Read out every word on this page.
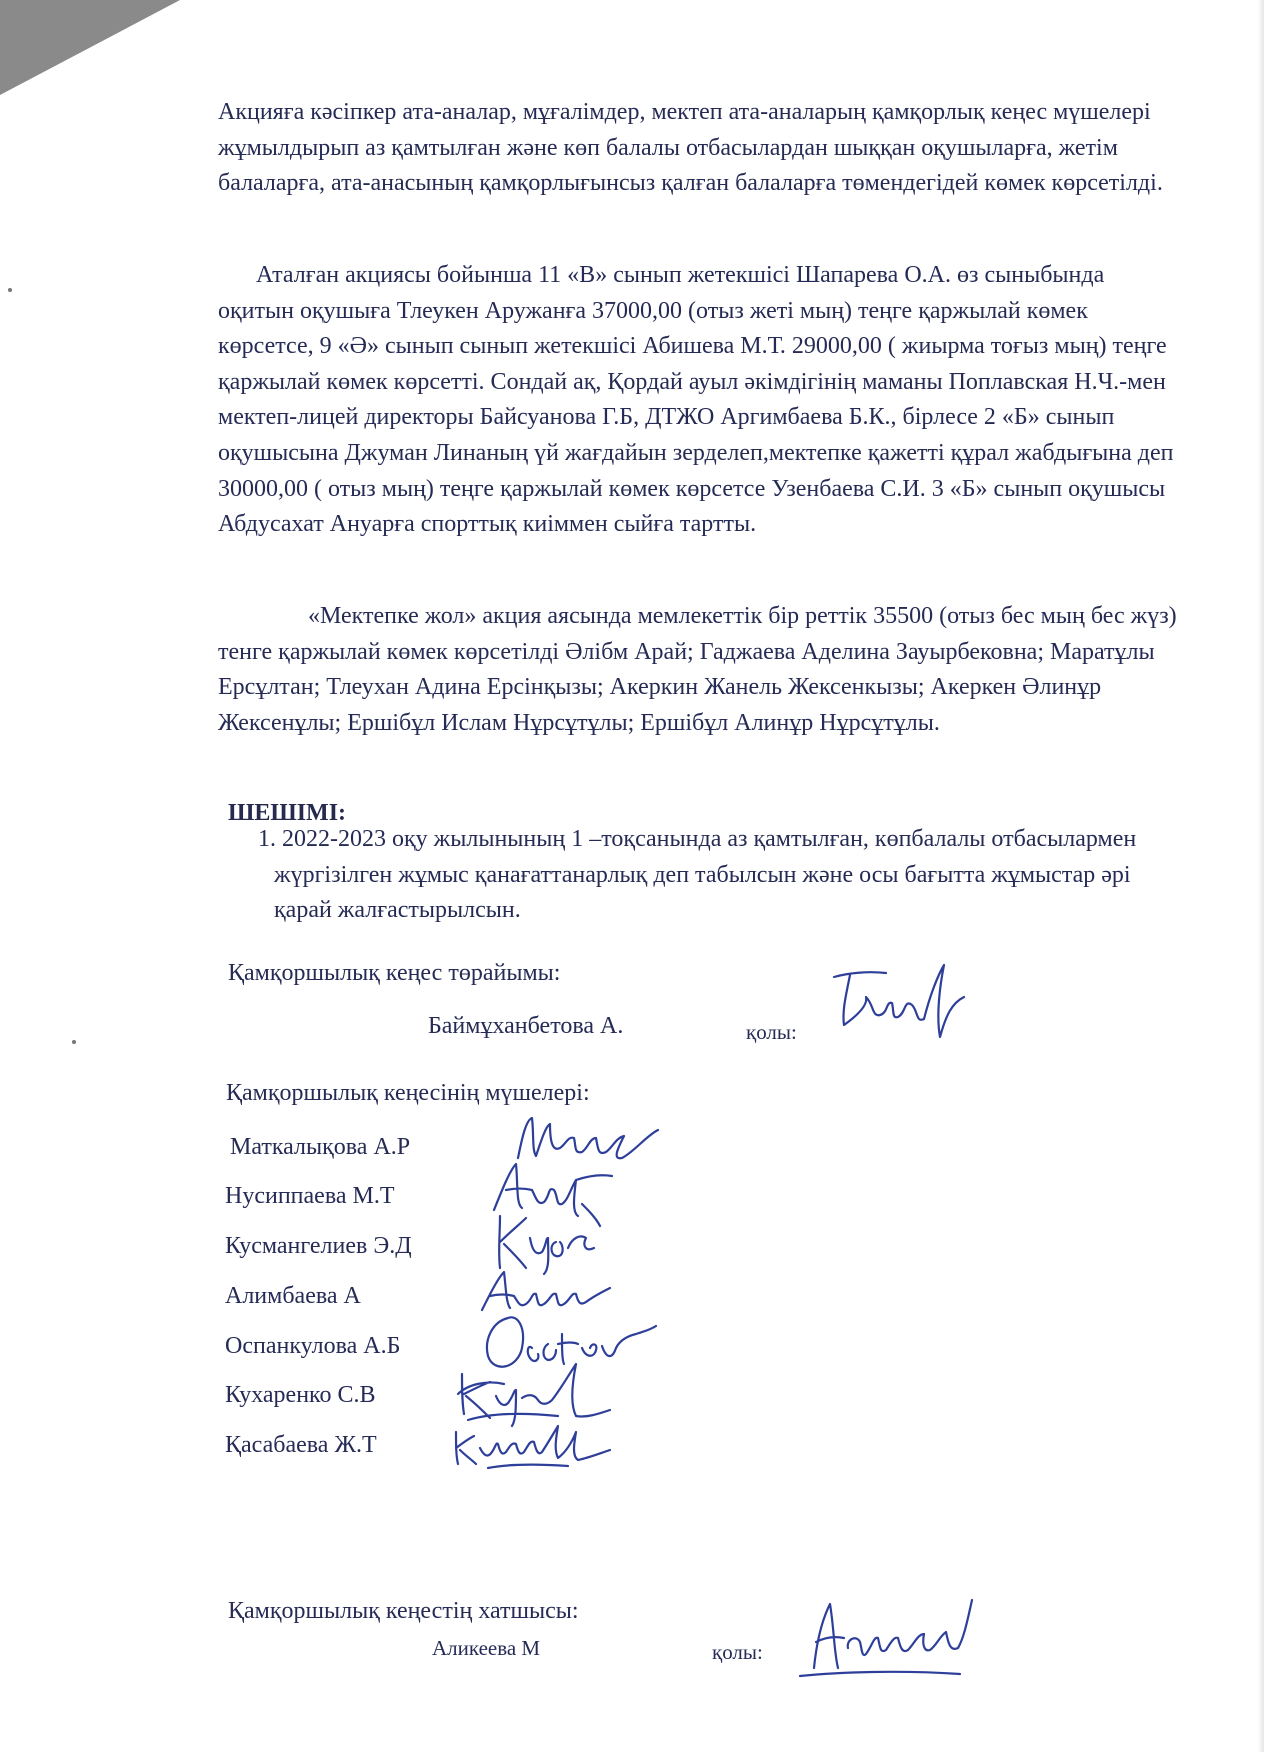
Акцияға кәсіпкер ата-аналар, мұғалімдер, мектеп ата-аналарың қамқорлық кеңес мүшелері жұмылдырып аз қамтылған және көп балалы отбасылардан шыққан оқушыларға, жетім балаларға, ата-анасының қамқорлығынсыз қалған балаларға төмендегідей көмек көрсетілді.

Аталған акциясы бойынша 11 «В» сынып жетекшісі Шапарева О.А. өз сыныбында оқитын оқушыға Тлеукен Аружанға 37000,00 (отыз жеті мың) теңге қаржылай көмек көрсетсе, 9 «Ә» сынып сынып жетекшісі Абишева М.Т. 29000,00 ( жиырма тоғыз мың) теңге қаржылай көмек көрсетті. Сондай ақ, Қордай ауыл әкімдігінің маманы Поплавская Н.Ч.-мен мектеп-лицей директоры Байсуанова Г.Б, ДТЖО Аргимбаева Б.К., бірлесе 2 «Б» сынып оқушысына Джуман Линаның үй жағдайын зерделеп,мектепке қажетті құрал жабдығына деп 30000,00 ( отыз мың) теңге қаржылай көмек көрсетсе Узенбаева С.И. 3 «Б» сынып оқушысы Абдусахат Ануарға спорттық киіммен сыйға тартты.

«Мектепке жол» акция аясында мемлекеттік бір реттік 35500 (отыз бес мың бес жүз) тенге қаржылай көмек көрсетілді Әлібм Арай; Гаджаева Аделина Зауырбековна; Маратұлы Ерсұлтан; Тлеухан Адина Ерсінқызы; Акеркин Жанель Жексенкызы; Акеркен Әлинұр Жексенұлы; Ершібұл Ислам Нұрсұтұлы; Ершібұл Алинұр Нұрсұтұлы.

ШЕШІМІ:

1. 2022-2023 оқу жылынының 1 –тоқсанында аз қамтылған, көпбалалы отбасылармен жүргізілген жұмыс қанағаттанарлық деп табылсын және осы бағытта жұмыстар әрі қарай жалғастырылсын.
Қамқоршылық кеңес төрайымы:
Баймұханбетова А.	қолы:
Қамқоршылық кеңесінің мүшелері:
Маткалықова А.Р
Нусиппаева М.Т
Кусмангелиев Э.Д
Алимбаева А
Оспанкулова А.Б
Кухаренко С.В
Қасабаева Ж.Т
Қамқоршылық кеңестің хатшысы:
Аликеева М	қолы:
